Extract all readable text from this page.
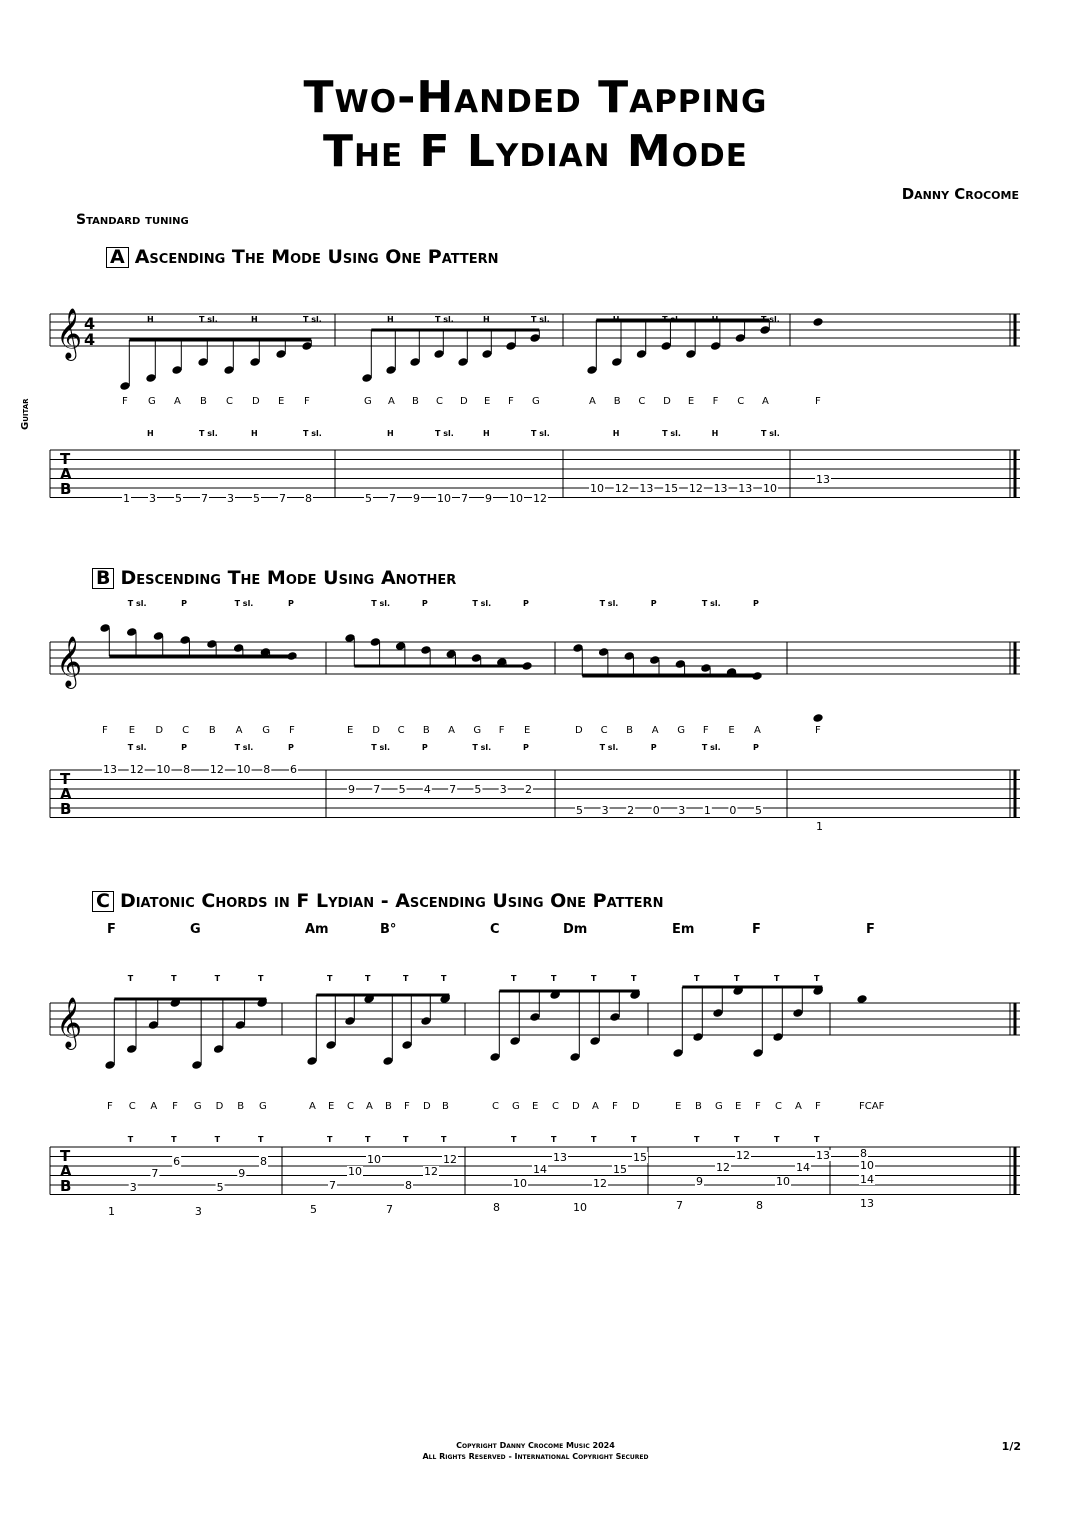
Two-Handed Tapping
The F Lydian Mode
Danny Crocome
Standard tuning
Guitar
A Ascending The Mode Using One Pattern
B Descending The Mode Using Another
C Diatonic Chords in F Lydian - Ascending Using One Pattern
𝄞 4
4
T
A
B
F G A B C D E F
1 3 5 7 3 5 7 8
H
H
T sl.
T sl.
H
H
T sl.
T sl.
G A B C D E F G
5 7 9 10 7 9 10 12
H
H
T sl.
T sl.
H
H
T sl.
T sl.
A B C D E F C A
10 12 13 15 12 13 13 10
H
H
T sl.
T sl.
H
H
T sl.
T sl.
F
13
𝄞
T
A
B
F E D C B A G F
13 12 10 8 12 10 8 6
T sl.
T sl.
P
P
T sl.
T sl.
P
P
E D C B A G F E
9 7 5 4 7 5 3 2
T sl.
T sl.
P
P
T sl.
T sl.
P
P
D C B A G F E A
5 3 2 0 3 1 0 5
T sl.
T sl.
P
P
T sl.
T sl.
P
P
F
1
𝄞
T
A
B
F C A F G D B G
1
3
7
6
3
5
9
8
T
T
T
T
T
T
T
T
A E C A B F D B
5
7
10
10
7
8
12
12
T
T
T
T
T
T
T
T
C G E C D A F D
8
10
14
13
10
12
15
15
T
T
T
T
T
T
T
T
E B G E F C A F
7
9
12
12
8
10
14
13
T
T
T
T
T
T
T
T
FCAF
13
14
10
8
F	G	Am	B°	C	Dm	Em	F	F
Copyright Danny Crocome Music 2024
All Rights Reserved - International Copyright Secured
1/2
